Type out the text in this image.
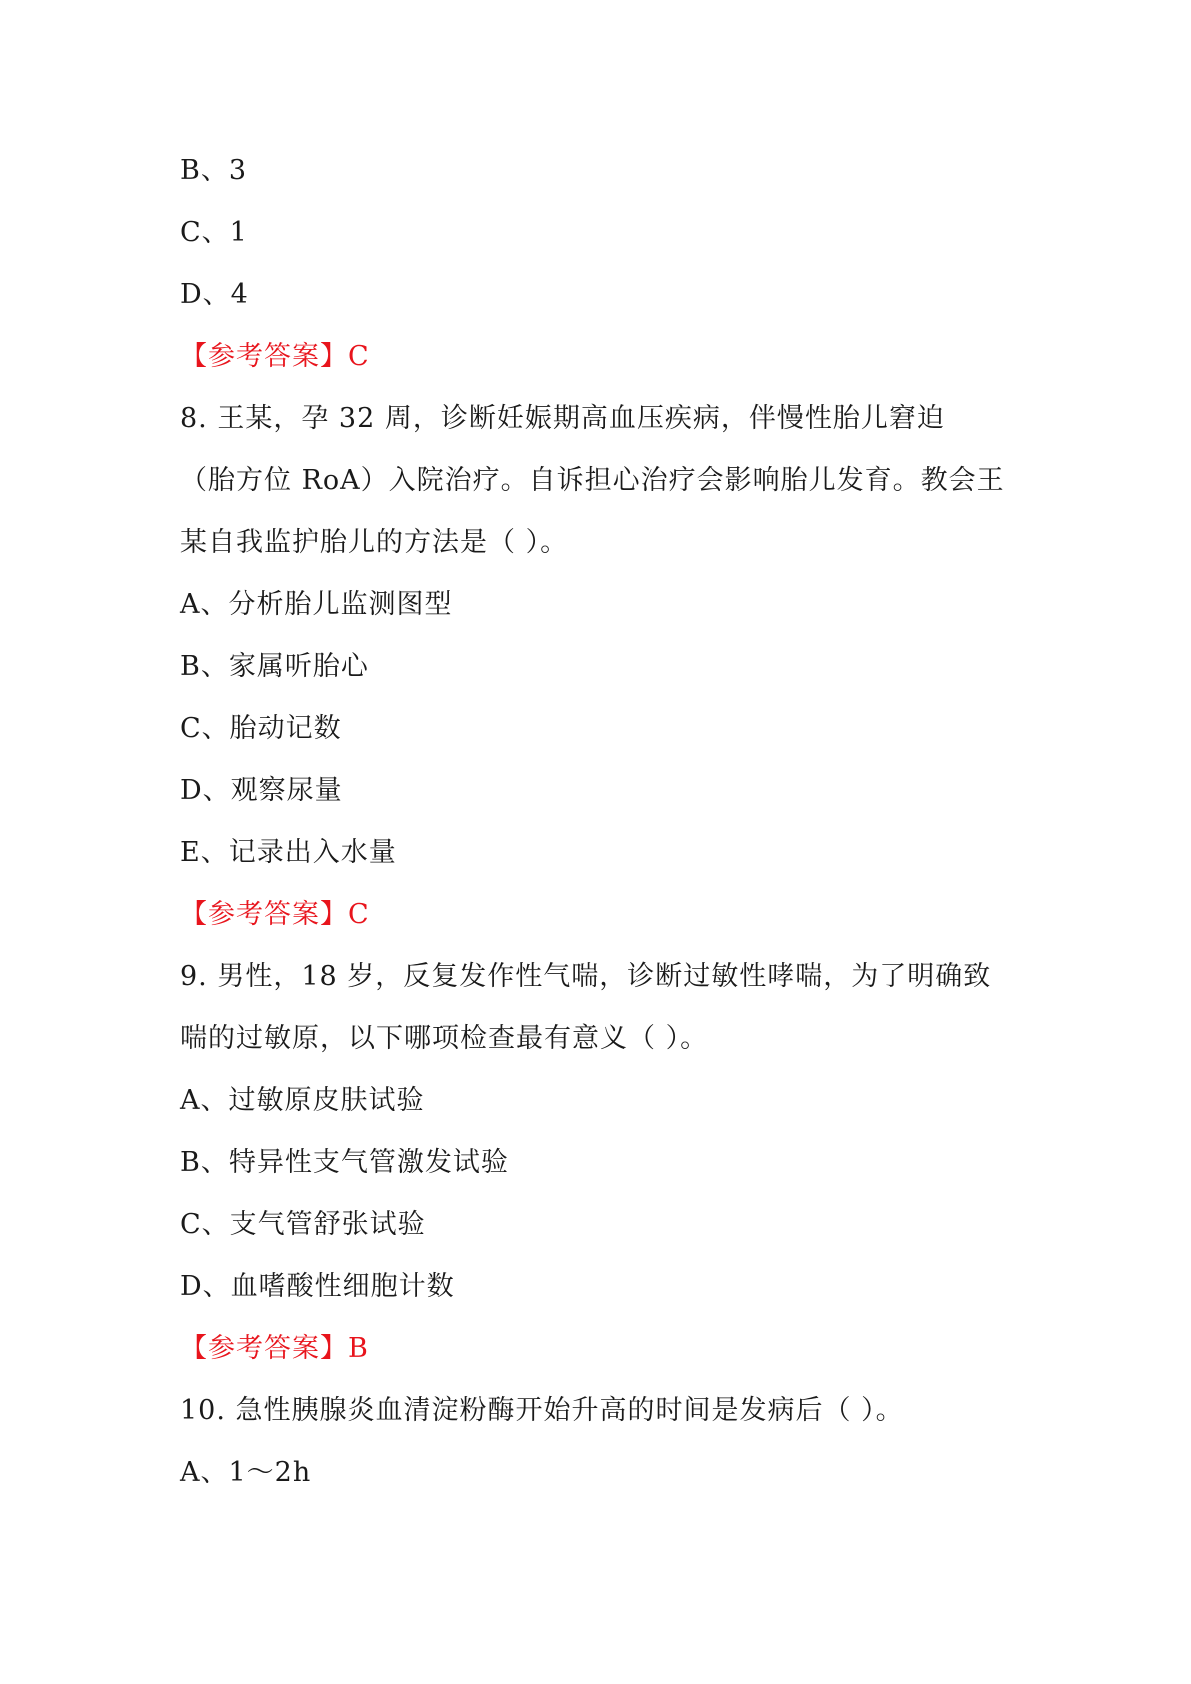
B、3
C、1
D、4
【参考答案】C
8. 王某，孕 32 周，诊断妊娠期高血压疾病，伴慢性胎儿窘迫
（胎方位 RoA）入院治疗。自诉担心治疗会影响胎儿发育。教会王
某自我监护胎儿的方法是（ ）。
A、分析胎儿监测图型
B、家属听胎心
C、胎动记数
D、观察尿量
E、记录出入水量
【参考答案】C
9. 男性，18 岁，反复发作性气喘，诊断过敏性哮喘，为了明确致
喘的过敏原，以下哪项检查最有意义（ ）。
A、过敏原皮肤试验
B、特异性支气管激发试验
C、支气管舒张试验
D、血嗜酸性细胞计数
【参考答案】B
10. 急性胰腺炎血清淀粉酶开始升高的时间是发病后（ ）。
A、1～2h
